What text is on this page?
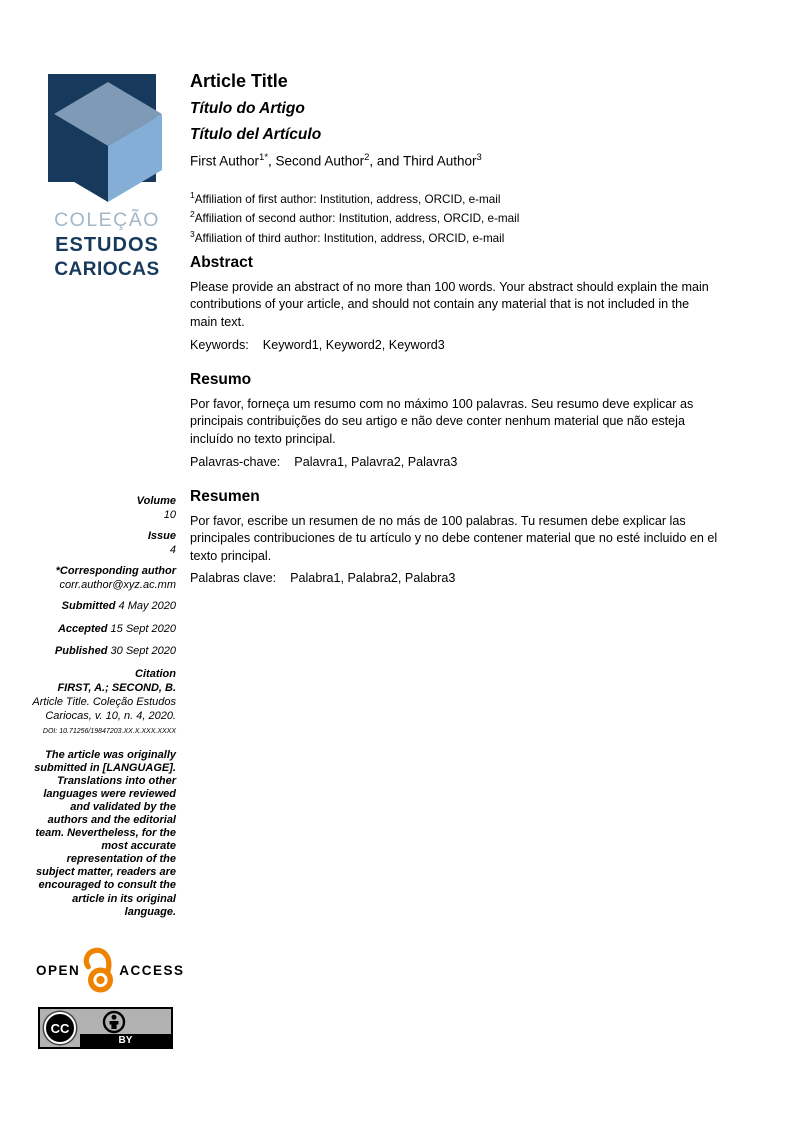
COLEÇÃO
ESTUDOS
CARIOCAS
Article Title
Título do Artigo
Título del Artículo
First Author$^{1*}$, Second Author$^2$, and Third Author$^3$
$^1$Affiliation of first author: Institution, address, ORCID, e-mail
$^2$Affiliation of second author: Institution, address, ORCID, e-mail
$^3$Affiliation of third author: Institution, address, ORCID, e-mail
Abstract

Please provide an abstract of no more than 100 words. Your abstract should explain the main contributions of your article, and should not contain any material that is not included in the main text.

Keywords: Keyword1, Keyword2, Keyword3
Resumo

Por favor, forneça um resumo com no máximo 100 palavras. Seu resumo deve explicar as principais contribuições do seu artigo e não deve conter nenhum material que não esteja incluído no texto principal.

Palavras-chave: Palavra1, Palavra2, Palavra3
Resumen

Por favor, escribe un resumen de no más de 100 palabras. Tu resumen debe explicar las principales contribuciones de tu artículo y no debe contener material que no esté incluido en el texto principal.

Palabras clave: Palabra1, Palabra2, Palabra3
Volume
10
Issue
4
*Corresponding author
corr.author@xyz.ac.mm
Submitted 4 May 2020
Accepted 15 Sept 2020
Published 30 Sept 2020
Citation
FIRST, A.; SECOND, B.
Article Title. Coleção Estudos Cariocas, v. 10, n. 4, 2020.
DOI: 10.71256/19847203.XX.X.XXX.XXXX
The article was originally submitted in [LANGUAGE]. Translations into other languages were reviewed and validated by the authors and the editorial team. Nevertheless, for the most accurate representation of the subject matter, readers are encouraged to consult the article in its original language.
OPEN	ACCESS
CC
BY
